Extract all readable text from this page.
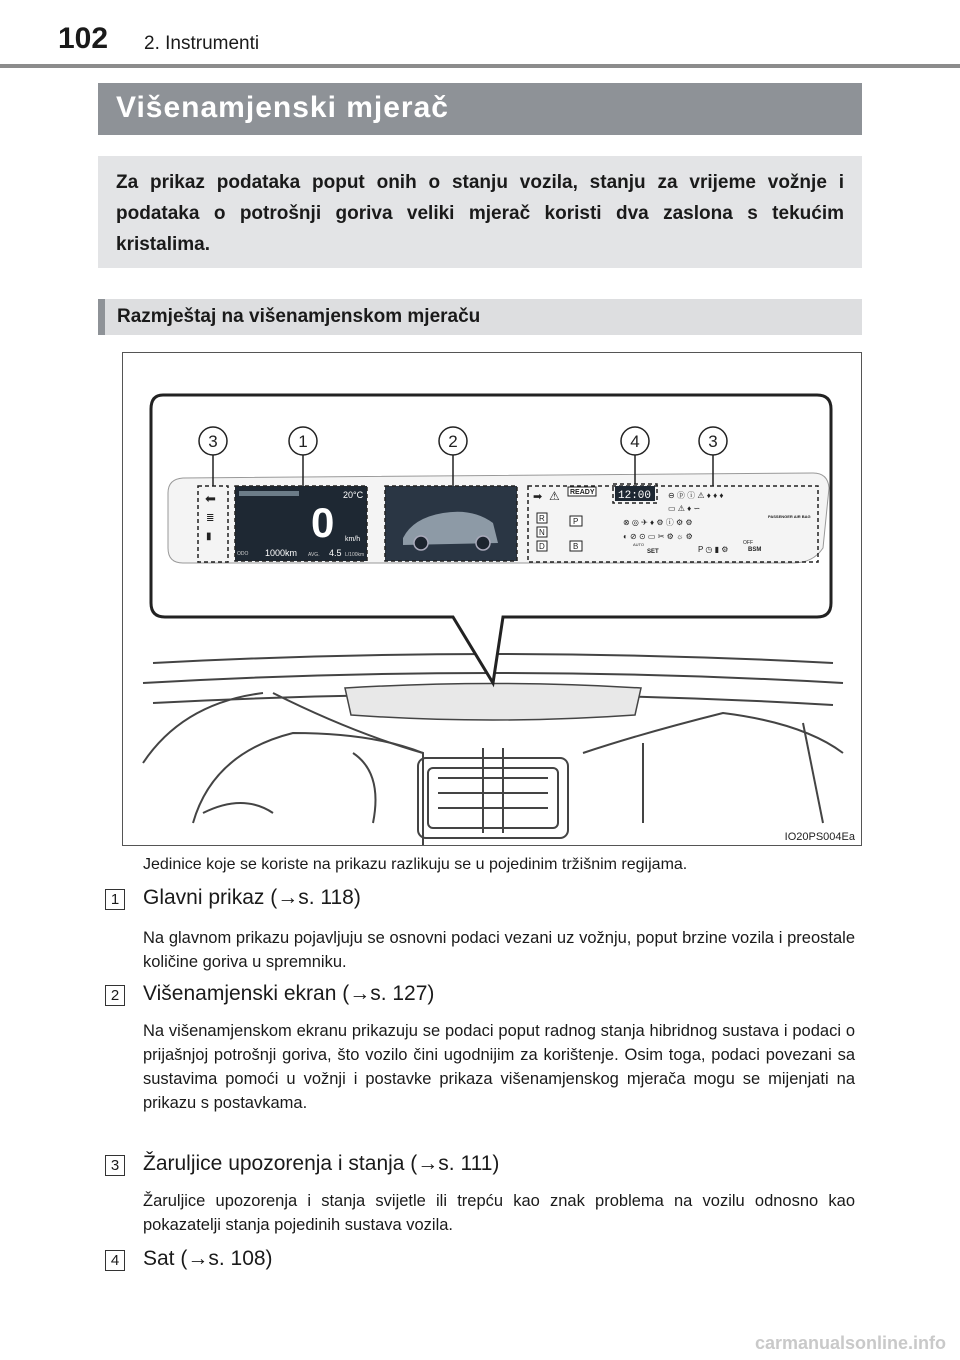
102 2. Instrumenti
Višenamjenski mjerač
Za prikaz podataka poput onih o stanju vozila, stanju za vrijeme vožnje i podataka o potrošnji goriva veliki mjerač koristi dva zaslona s tekućim kristalima.
Razmještaj na višenamjenskom mjeraču
20°C
0 km/h
ODO 1000km AVG. 4.5 L/100km
⬅
≣
▮
➡ ⚠ READY 12:00
R
N
D
P
B	AUTO
SET
PASSENGER AIR BAG
OFF
BSM
⊖ ⓟ ⓘ ⚠ ♦ ♦ ♦
▭ ⚠ ♦ ∽
⊗ ◎ ✈ ♦ ⚙ ⓘ ⚙ ⚙
◐ ⊘ ⊙ ▭ ✂ ⚙ ☼ ⚙
P ◷ ▮ ⚙
3	1	2	4	3
IO20PS004Ea
Jedinice koje se koriste na prikazu razlikuju se u pojedinim tržišnim regijama.
1 Glavni prikaz (→s. 118)
Na glavnom prikazu pojavljuju se osnovni podaci vezani uz vožnju, poput brzine vozila i preostale količine goriva u spremniku.
2 Višenamjenski ekran (→s. 127)
Na višenamjenskom ekranu prikazuju se podaci poput radnog stanja hibridnog sustava i podaci o prijašnjoj potrošnji goriva, što vozilo čini ugodnijim za korištenje. Osim toga, podaci povezani sa sustavima pomoći u vožnji i postavke prikaza višenamjenskog mjerača mogu se mijenjati na prikazu s postavkama.
3 Žaruljice upozorenja i stanja (→s. 111)
Žaruljice upozorenja i stanja svijetle ili trepću kao znak problema na vozilu odnosno kao pokazatelji stanja pojedinih sustava vozila.
4 Sat (→s. 108)
carmanualsonline.info
